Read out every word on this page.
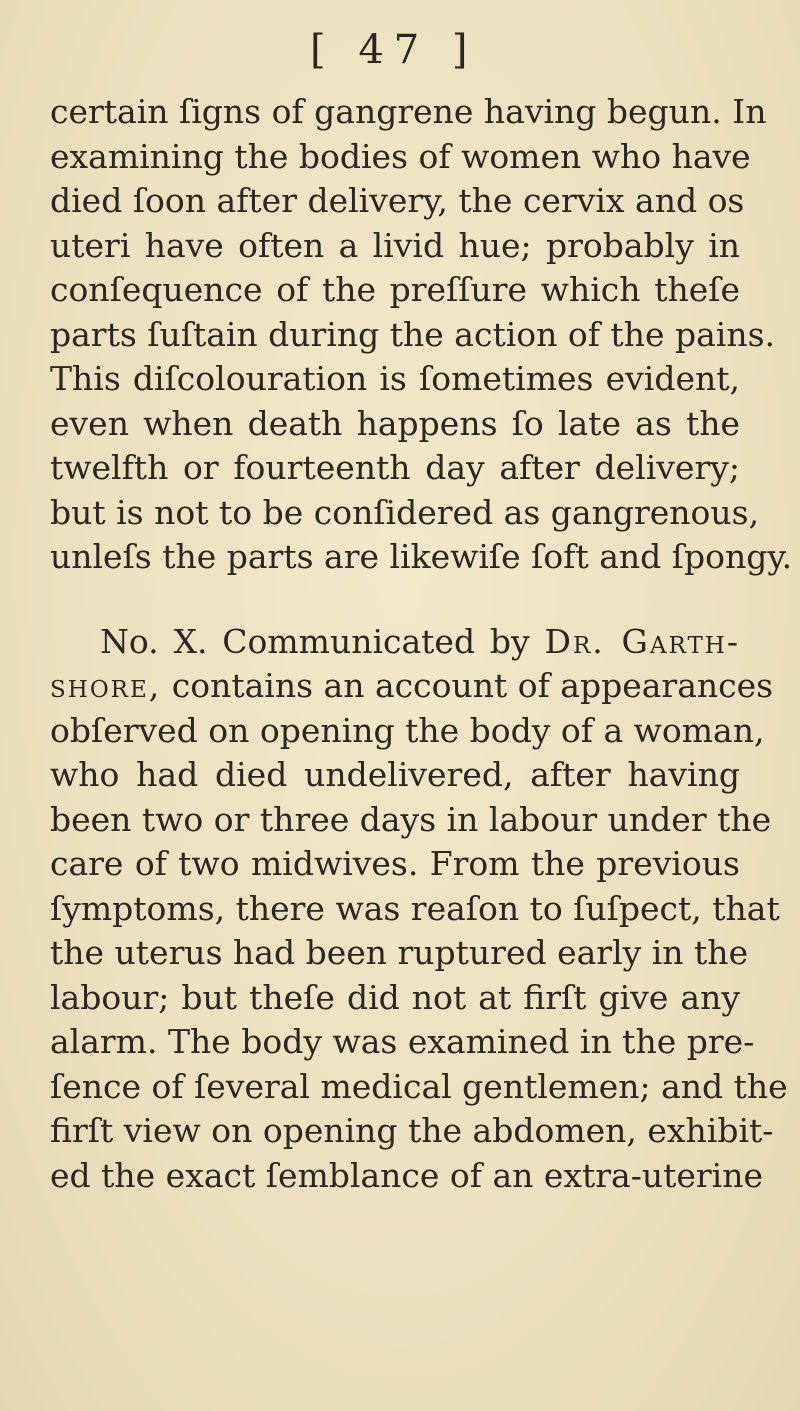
[ 47 ]
certain ſigns of gangrene having begun. In
examining the bodies of women who have
died ſoon after delivery, the cervix and os
uteri have often a livid hue; probably in
conſequence of the preſſure which theſe
parts ſuſtain during the action of the pains.
This diſcolouration is ſometimes evident,
even when death happens ſo late as the
twelfth or fourteenth day after delivery;
but is not to be conſidered as gangrenous,
unleſs the parts are likewiſe ſoft and ſpongy.
No. X. Communicated by Dr. Garth-
shore, contains an account of appearances
obſerved on opening the body of a woman,
who had died undelivered, after having
been two or three days in labour under the
care of two midwives. From the previous
ſymptoms, there was reaſon to ſuſpect, that
the uterus had been ruptured early in the
labour; but theſe did not at firſt give any
alarm. The body was examined in the pre-
ſence of ſeveral medical gentlemen; and the
firſt view on opening the abdomen, exhibit-
ed the exact ſemblance of an extra-uterine
